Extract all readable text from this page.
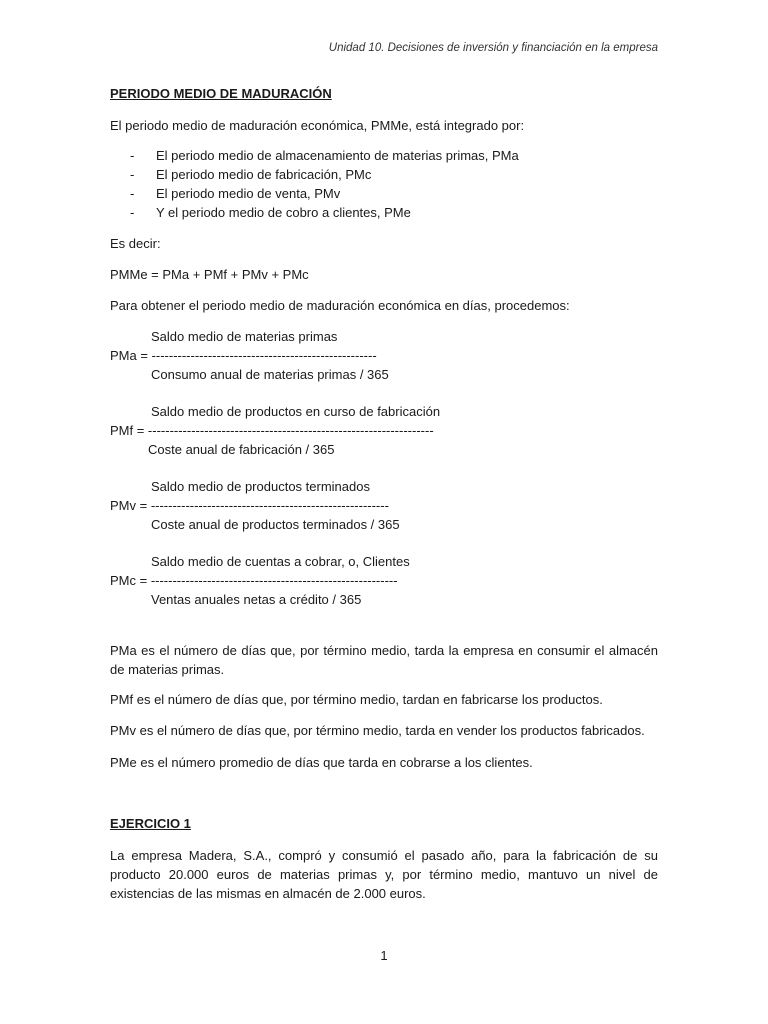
Unidad 10. Decisiones de inversión y financiación en la empresa
PERIODO MEDIO DE MADURACIÓN
El periodo medio de maduración económica, PMMe, está integrado por:
- El periodo medio de almacenamiento de materias primas, PMa
- El periodo medio de fabricación, PMc
- El periodo medio de venta, PMv
- Y el periodo medio de cobro a clientes, PMe
Es decir:
PMMe = PMa + PMf + PMv + PMc
Para obtener el periodo medio de maduración económica en días, procedemos:
Saldo medio de materias primas
PMa = ----------------------------------------------------
Consumo anual de materias primas / 365
Saldo medio de productos en curso de fabricación
PMf = ------------------------------------------------------------------
Coste anual de fabricación / 365
Saldo medio de productos terminados
PMv = -------------------------------------------------------
Coste anual de productos terminados / 365
Saldo medio de cuentas a cobrar, o, Clientes
PMc = ---------------------------------------------------------
Ventas anuales netas a crédito / 365
PMa es el número de días que, por término medio, tarda la empresa en consumir el almacén de materias primas.
PMf es el número de días que, por término medio, tardan en fabricarse los productos.
PMv es el número de días que, por término medio, tarda en vender los productos fabricados.
PMe es el número promedio de días que tarda en cobrarse a los clientes.
EJERCICIO 1
La empresa Madera, S.A., compró y consumió el pasado año, para la fabricación de su producto 20.000 euros de materias primas y, por término medio, mantuvo un nivel de existencias de las mismas en almacén de 2.000 euros.
1
